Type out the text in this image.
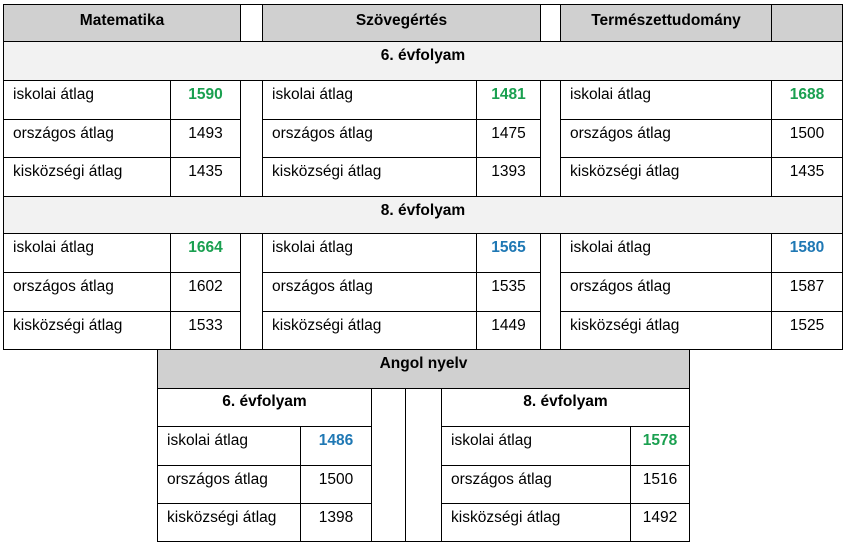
Matematika	Szövegértés	Természettudomány
6. évfolyam
iskolai átlag	1590	iskolai átlag	1481	iskolai átlag	1688
országos átlag	1493	országos átlag	1475	országos átlag	1500
kisközségi átlag	1435	kisközségi átlag	1393	kisközségi átlag	1435
8. évfolyam
iskolai átlag	1664	iskolai átlag	1565	iskolai átlag	1580
országos átlag	1602	országos átlag	1535	országos átlag	1587
kisközségi átlag	1533	kisközségi átlag	1449	kisközségi átlag	1525
Angol nyelv
6. évfolyam	8. évfolyam
iskolai átlag	1486	iskolai átlag	1578
országos átlag	1500	országos átlag	1516
kisközségi átlag	1398	kisközségi átlag	1492
